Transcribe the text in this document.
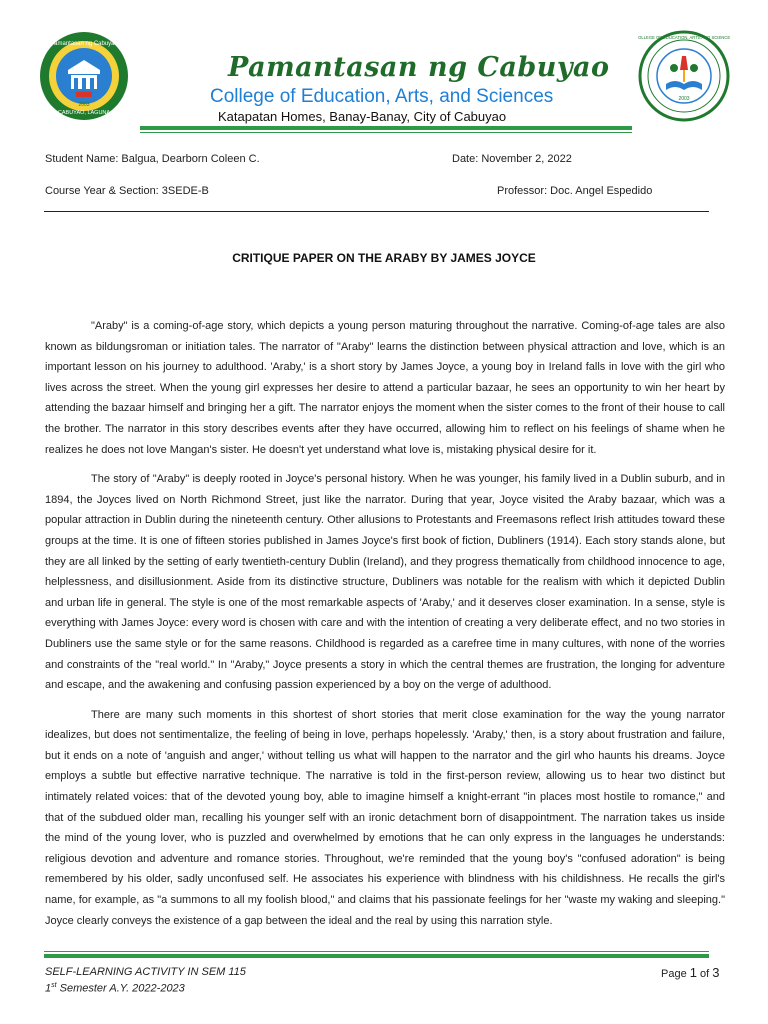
Pamantasan ng Cabuyao
CABUYAO, LAGUNA
2003
Pamantasan ng Cabuyao
College of Education, Arts, and Sciences
Katapatan Homes, Banay-Banay, City of Cabuyao
2003
COLLEGE OF EDUCATION, ARTS AND SCIENCES
Student Name: Balgua, Dearborn Coleen C.	Date: November 2, 2022
Course Year & Section: 3SEDE-B	Professor: Doc. Angel Espedido
CRITIQUE PAPER ON THE ARABY BY JAMES JOYCE

"Araby" is a coming-of-age story, which depicts a young person maturing throughout the narrative. Coming-of-age tales are also known as bildungsroman or initiation tales. The narrator of "Araby" learns the distinction between physical attraction and love, which is an important lesson on his journey to adulthood. 'Araby,' is a short story by James Joyce, a young boy in Ireland falls in love with the girl who lives across the street. When the young girl expresses her desire to attend a particular bazaar, he sees an opportunity to win her heart by attending the bazaar himself and bringing her a gift. The narrator enjoys the moment when the sister comes to the front of their house to call the brother. The narrator in this story describes events after they have occurred, allowing him to reflect on his feelings of shame when he realizes he does not love Mangan's sister. He doesn't yet understand what love is, mistaking physical desire for it.

The story of "Araby" is deeply rooted in Joyce's personal history. When he was younger, his family lived in a Dublin suburb, and in 1894, the Joyces lived on North Richmond Street, just like the narrator. During that year, Joyce visited the Araby bazaar, which was a popular attraction in Dublin during the nineteenth century. Other allusions to Protestants and Freemasons reflect Irish attitudes toward these groups at the time. It is one of fifteen stories published in James Joyce's first book of fiction, Dubliners (1914). Each story stands alone, but they are all linked by the setting of early twentieth-century Dublin (Ireland), and they progress thematically from childhood innocence to age, helplessness, and disillusionment. Aside from its distinctive structure, Dubliners was notable for the realism with which it depicted Dublin and urban life in general. The style is one of the most remarkable aspects of 'Araby,' and it deserves closer examination. In a sense, style is everything with James Joyce: every word is chosen with care and with the intention of creating a very deliberate effect, and no two stories in Dubliners use the same style or for the same reasons. Childhood is regarded as a carefree time in many cultures, with none of the worries and constraints of the "real world." In "Araby," Joyce presents a story in which the central themes are frustration, the longing for adventure and escape, and the awakening and confusing passion experienced by a boy on the verge of adulthood.

There are many such moments in this shortest of short stories that merit close examination for the way the young narrator idealizes, but does not sentimentalize, the feeling of being in love, perhaps hopelessly. 'Araby,' then, is a story about frustration and failure, but it ends on a note of 'anguish and anger,' without telling us what will happen to the narrator and the girl who haunts his dreams. Joyce employs a subtle but effective narrative technique. The narrative is told in the first-person review, allowing us to hear two distinct but intimately related voices: that of the devoted young boy, able to imagine himself a knight-errant "in places most hostile to romance," and that of the subdued older man, recalling his younger self with an ironic detachment born of disappointment. The narration takes us inside the mind of the young lover, who is puzzled and overwhelmed by emotions that he can only express in the languages he understands: religious devotion and adventure and romance stories. Throughout, we're reminded that the young boy's "confused adoration" is being remembered by his older, sadly unconfused self. He associates his experience with blindness with his childishness. He recalls the girl's name, for example, as "a summons to all my foolish blood," and claims that his passionate feelings for her "waste my waking and sleeping." Joyce clearly conveys the existence of a gap between the ideal and the real by using this narration style.

SELF-LEARNING ACTIVITY IN SEM 115
1st Semester A.Y. 2022-2023
Page 1 of 3
